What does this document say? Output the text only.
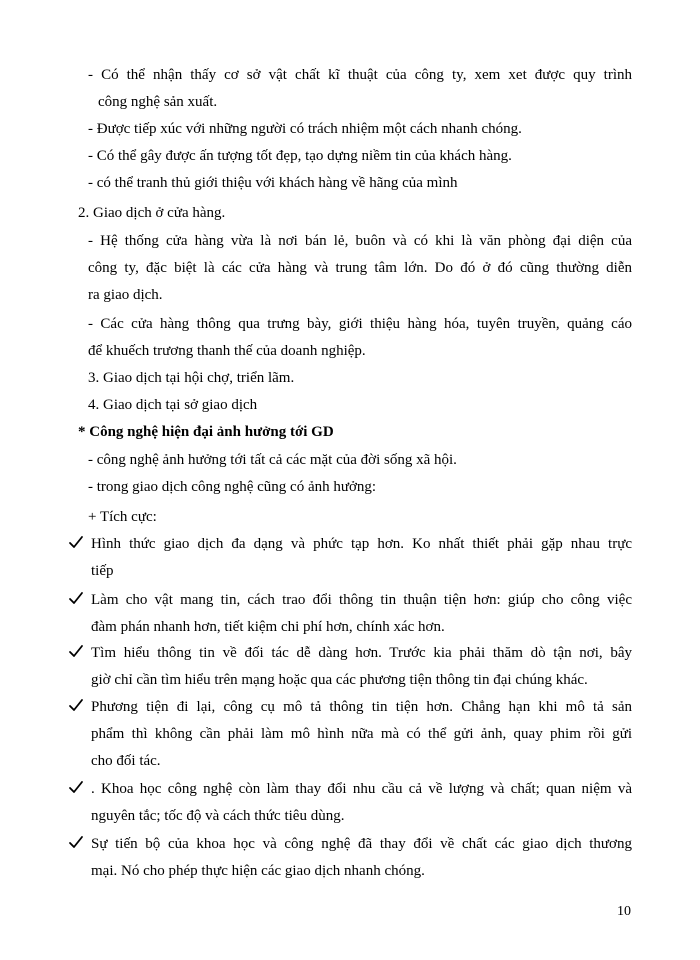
- Có thể nhận thấy cơ sở vật chất kĩ thuật của công ty, xem xet được quy trình
công nghệ sản xuất.
- Được tiếp xúc với những người có trách nhiệm một cách nhanh chóng.
- Có thể gây được ấn tượng tốt đẹp, tạo dựng niềm tin của khách hàng.
- có thể tranh thủ giới thiệu với khách hàng về hãng của mình
2. Giao dịch ở cửa hàng.
- Hệ thống cửa hàng vừa là nơi bán lẻ, buôn và có khi là văn phòng đại diện của
công ty, đặc biệt là các cửa hàng và trung tâm lớn. Do đó ở đó cũng thường diễn
ra giao dịch.
- Các cửa hàng thông qua trưng bày, giới thiệu hàng hóa, tuyên truyền, quảng cáo
để khuếch trương thanh thế của doanh nghiệp.
3. Giao dịch tại hội chợ, triển lãm.
4. Giao dịch tại sở giao dịch
* Công nghệ hiện đại ảnh hưởng tới GD
- công nghệ ảnh hưởng tới tất cả các mặt của đời sống xã hội.
- trong giao dịch công nghệ cũng có ảnh hưởng:
+ Tích cực:
Hình thức giao dịch đa dạng và phức tạp hơn. Ko nhất thiết phải gặp nhau trực
tiếp
Làm cho vật mang tin, cách trao đổi thông tin thuận tiện hơn: giúp cho công việc
đàm phán nhanh hơn, tiết kiệm chi phí hơn, chính xác hơn.
Tìm hiểu thông tin về đối tác dễ dàng hơn. Trước kia phải thăm dò tận nơi, bây
giờ chỉ cần tìm hiểu trên mạng hoặc qua các phương tiện thông tin đại chúng khác.
Phương tiện đi lại, công cụ mô tả thông tin tiện hơn. Chẳng hạn khi mô tả sản
phẩm thì không cần phải làm mô hình nữa mà có thể gửi ảnh, quay phim rồi gửi
cho đối tác.
. Khoa học công nghệ còn làm thay đổi nhu cầu cả về lượng và chất; quan niệm và
nguyên tắc; tốc độ và cách thức tiêu dùng.
Sự tiến bộ của khoa học và công nghệ đã thay đổi về chất các giao dịch thương
mại. Nó cho phép thực hiện các giao dịch nhanh chóng.
10
